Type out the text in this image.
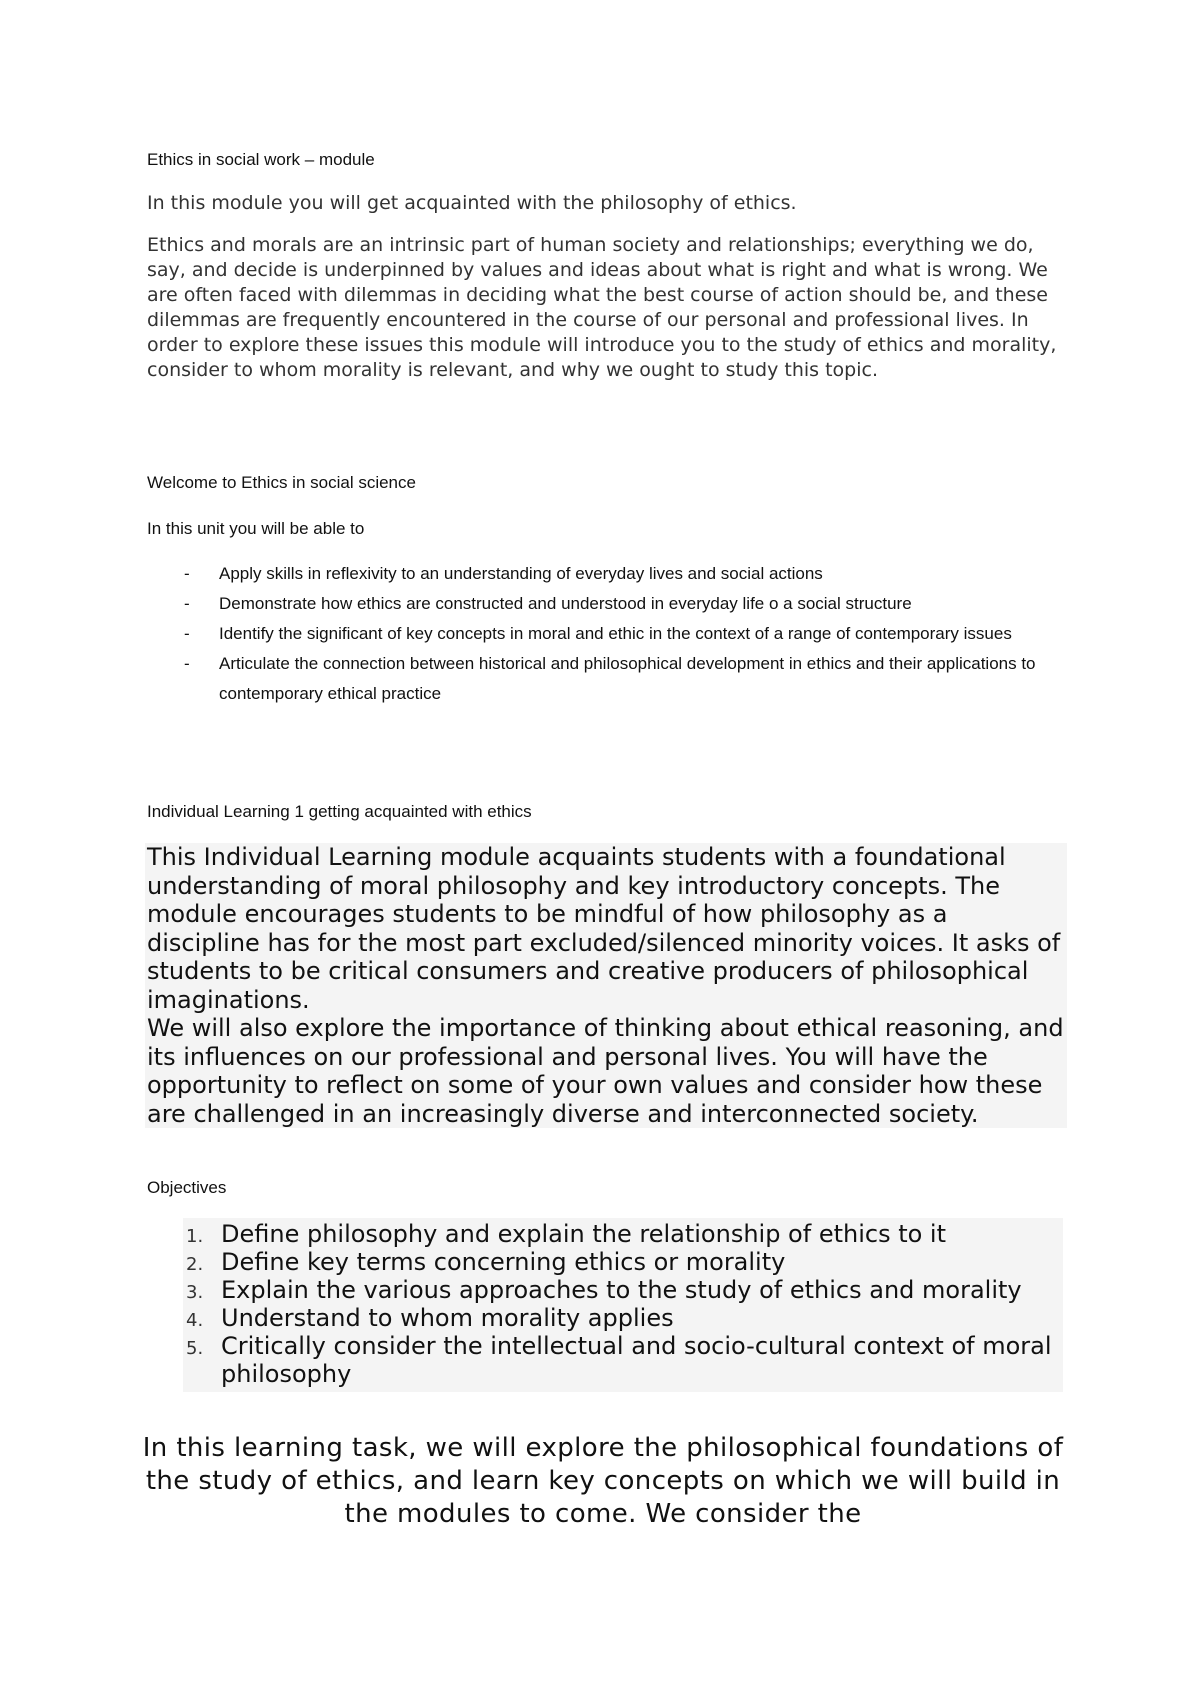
Ethics in social work – module

In this module you will get acquainted with the philosophy of ethics.

Ethics and morals are an intrinsic part of human society and relationships; everything we do, say, and decide is underpinned by values and ideas about what is right and what is wrong. We are often faced with dilemmas in deciding what the best course of action should be, and these dilemmas are frequently encountered in the course of our personal and professional lives. In order to explore these issues this module will introduce you to the study of ethics and morality, consider to whom morality is relevant, and why we ought to study this topic.

Welcome to Ethics in social science

In this unit you will be able to

- Apply skills in reflexivity to an understanding of everyday lives and social actions
- Demonstrate how ethics are constructed and understood in everyday life o a social structure
- Identify the significant of key concepts in moral and ethic in the context of a range of contemporary issues
- Articulate the connection between historical and philosophical development in ethics and their applications to contemporary ethical practice

Individual Learning 1 getting acquainted with ethics

This Individual Learning module acquaints students with a foundational understanding of moral philosophy and key introductory concepts. The module encourages students to be mindful of how philosophy as a discipline has for the most part excluded/silenced minority voices. It asks of students to be critical consumers and creative producers of philosophical imaginations.
We will also explore the importance of thinking about ethical reasoning, and its influences on our professional and personal lives. You will have the opportunity to reflect on some of your own values and consider how these are challenged in an increasingly diverse and interconnected society.

Objectives

1. Define philosophy and explain the relationship of ethics to it
2. Define key terms concerning ethics or morality
3. Explain the various approaches to the study of ethics and morality
4. Understand to whom morality applies
5. Critically consider the intellectual and socio-cultural context of moral philosophy

In this learning task, we will explore the philosophical foundations of the study of ethics, and learn key concepts on which we will build in the modules to come. We consider the
